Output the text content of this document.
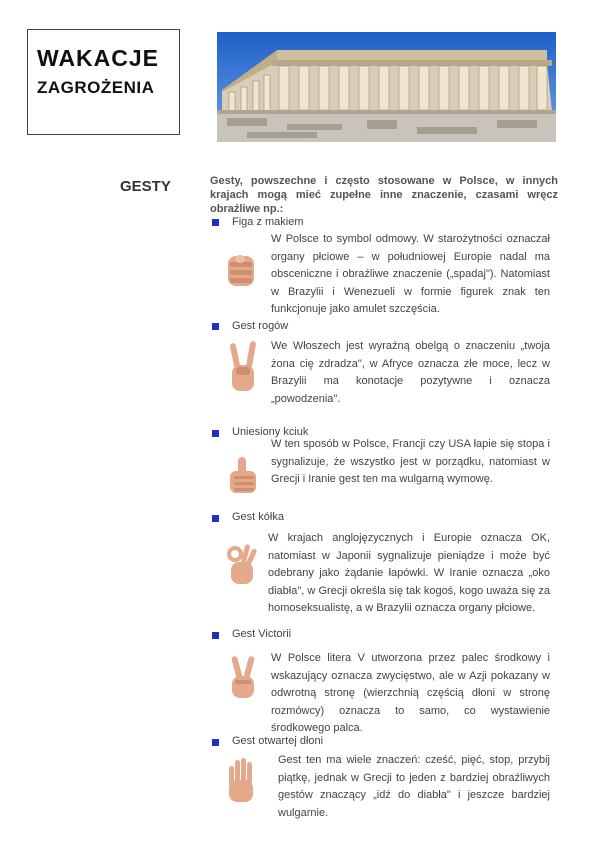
WAKACJE
ZAGROŻENIA
GESTY	Gesty, powszechne i często stosowane w Polsce, w innych krajach mogą mieć zupełne inne znaczenie, czasami wręcz obraźliwe np.:
Figa z makiem
W Polsce to symbol odmowy. W starożytności oznaczał organy płciowe – w południowej Europie nadal ma obsceniczne i obraźliwe znaczenie („spadaj"). Natomiast w Brazylii i Wenezueli w formie figurek znak ten funkcjonuje jako amulet szczęścia.
Gest rogów
We Włoszech jest wyraźną obelgą o znaczeniu „twoja żona cię zdradza", w Afryce oznacza złe moce, lecz w Brazylii ma konotacje pozytywne i oznacza „powodzenia".
Uniesiony kciuk
W ten sposób w Polsce, Francji czy USA łapie się stopa i sygnalizuje, że wszystko jest w porządku, natomiast w Grecji i Iranie gest ten ma wulgarną wymowę.
Gest kółka
W krajach anglojęzycznych i Europie oznacza OK, natomiast w Japonii sygnalizuje pieniądze i może być odebrany jako żądanie łapówki. W Iranie oznacza „oko diabła", w Grecji określa się tak kogoś, kogo uważa się za homoseksualistę, a w Brazylii oznacza organy płciowe.
Gest Victorii
W Polsce litera V utworzona przez palec środkowy i wskazujący oznacza zwycięstwo, ale w Azji pokazany w odwrotną stronę (wierzchnią częścią dłoni w stronę rozmówcy) oznacza to samo, co wystawienie środkowego palca.
Gest otwartej dłoni
Gest ten ma wiele znaczeń: cześć, pięć, stop, przybij piątkę, jednak w Grecji to jeden z bardziej obraźliwych gestów znaczący „idź do diabła" i jeszcze bardziej wulgarnie.
